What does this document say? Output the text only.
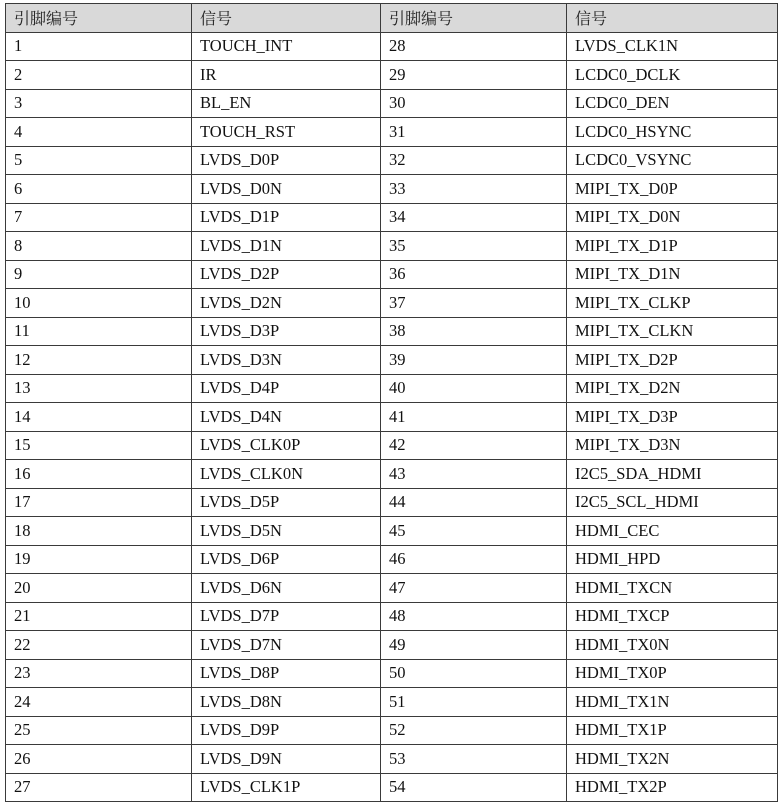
引脚编号	信号	引脚编号	信号
1	TOUCH_INT	28	LVDS_CLK1N
2	IR	29	LCDC0_DCLK
3	BL_EN	30	LCDC0_DEN
4	TOUCH_RST	31	LCDC0_HSYNC
5	LVDS_D0P	32	LCDC0_VSYNC
6	LVDS_D0N	33	MIPI_TX_D0P
7	LVDS_D1P	34	MIPI_TX_D0N
8	LVDS_D1N	35	MIPI_TX_D1P
9	LVDS_D2P	36	MIPI_TX_D1N
10	LVDS_D2N	37	MIPI_TX_CLKP
11	LVDS_D3P	38	MIPI_TX_CLKN
12	LVDS_D3N	39	MIPI_TX_D2P
13	LVDS_D4P	40	MIPI_TX_D2N
14	LVDS_D4N	41	MIPI_TX_D3P
15	LVDS_CLK0P	42	MIPI_TX_D3N
16	LVDS_CLK0N	43	I2C5_SDA_HDMI
17	LVDS_D5P	44	I2C5_SCL_HDMI
18	LVDS_D5N	45	HDMI_CEC
19	LVDS_D6P	46	HDMI_HPD
20	LVDS_D6N	47	HDMI_TXCN
21	LVDS_D7P	48	HDMI_TXCP
22	LVDS_D7N	49	HDMI_TX0N
23	LVDS_D8P	50	HDMI_TX0P
24	LVDS_D8N	51	HDMI_TX1N
25	LVDS_D9P	52	HDMI_TX1P
26	LVDS_D9N	53	HDMI_TX2N
27	LVDS_CLK1P	54	HDMI_TX2P
